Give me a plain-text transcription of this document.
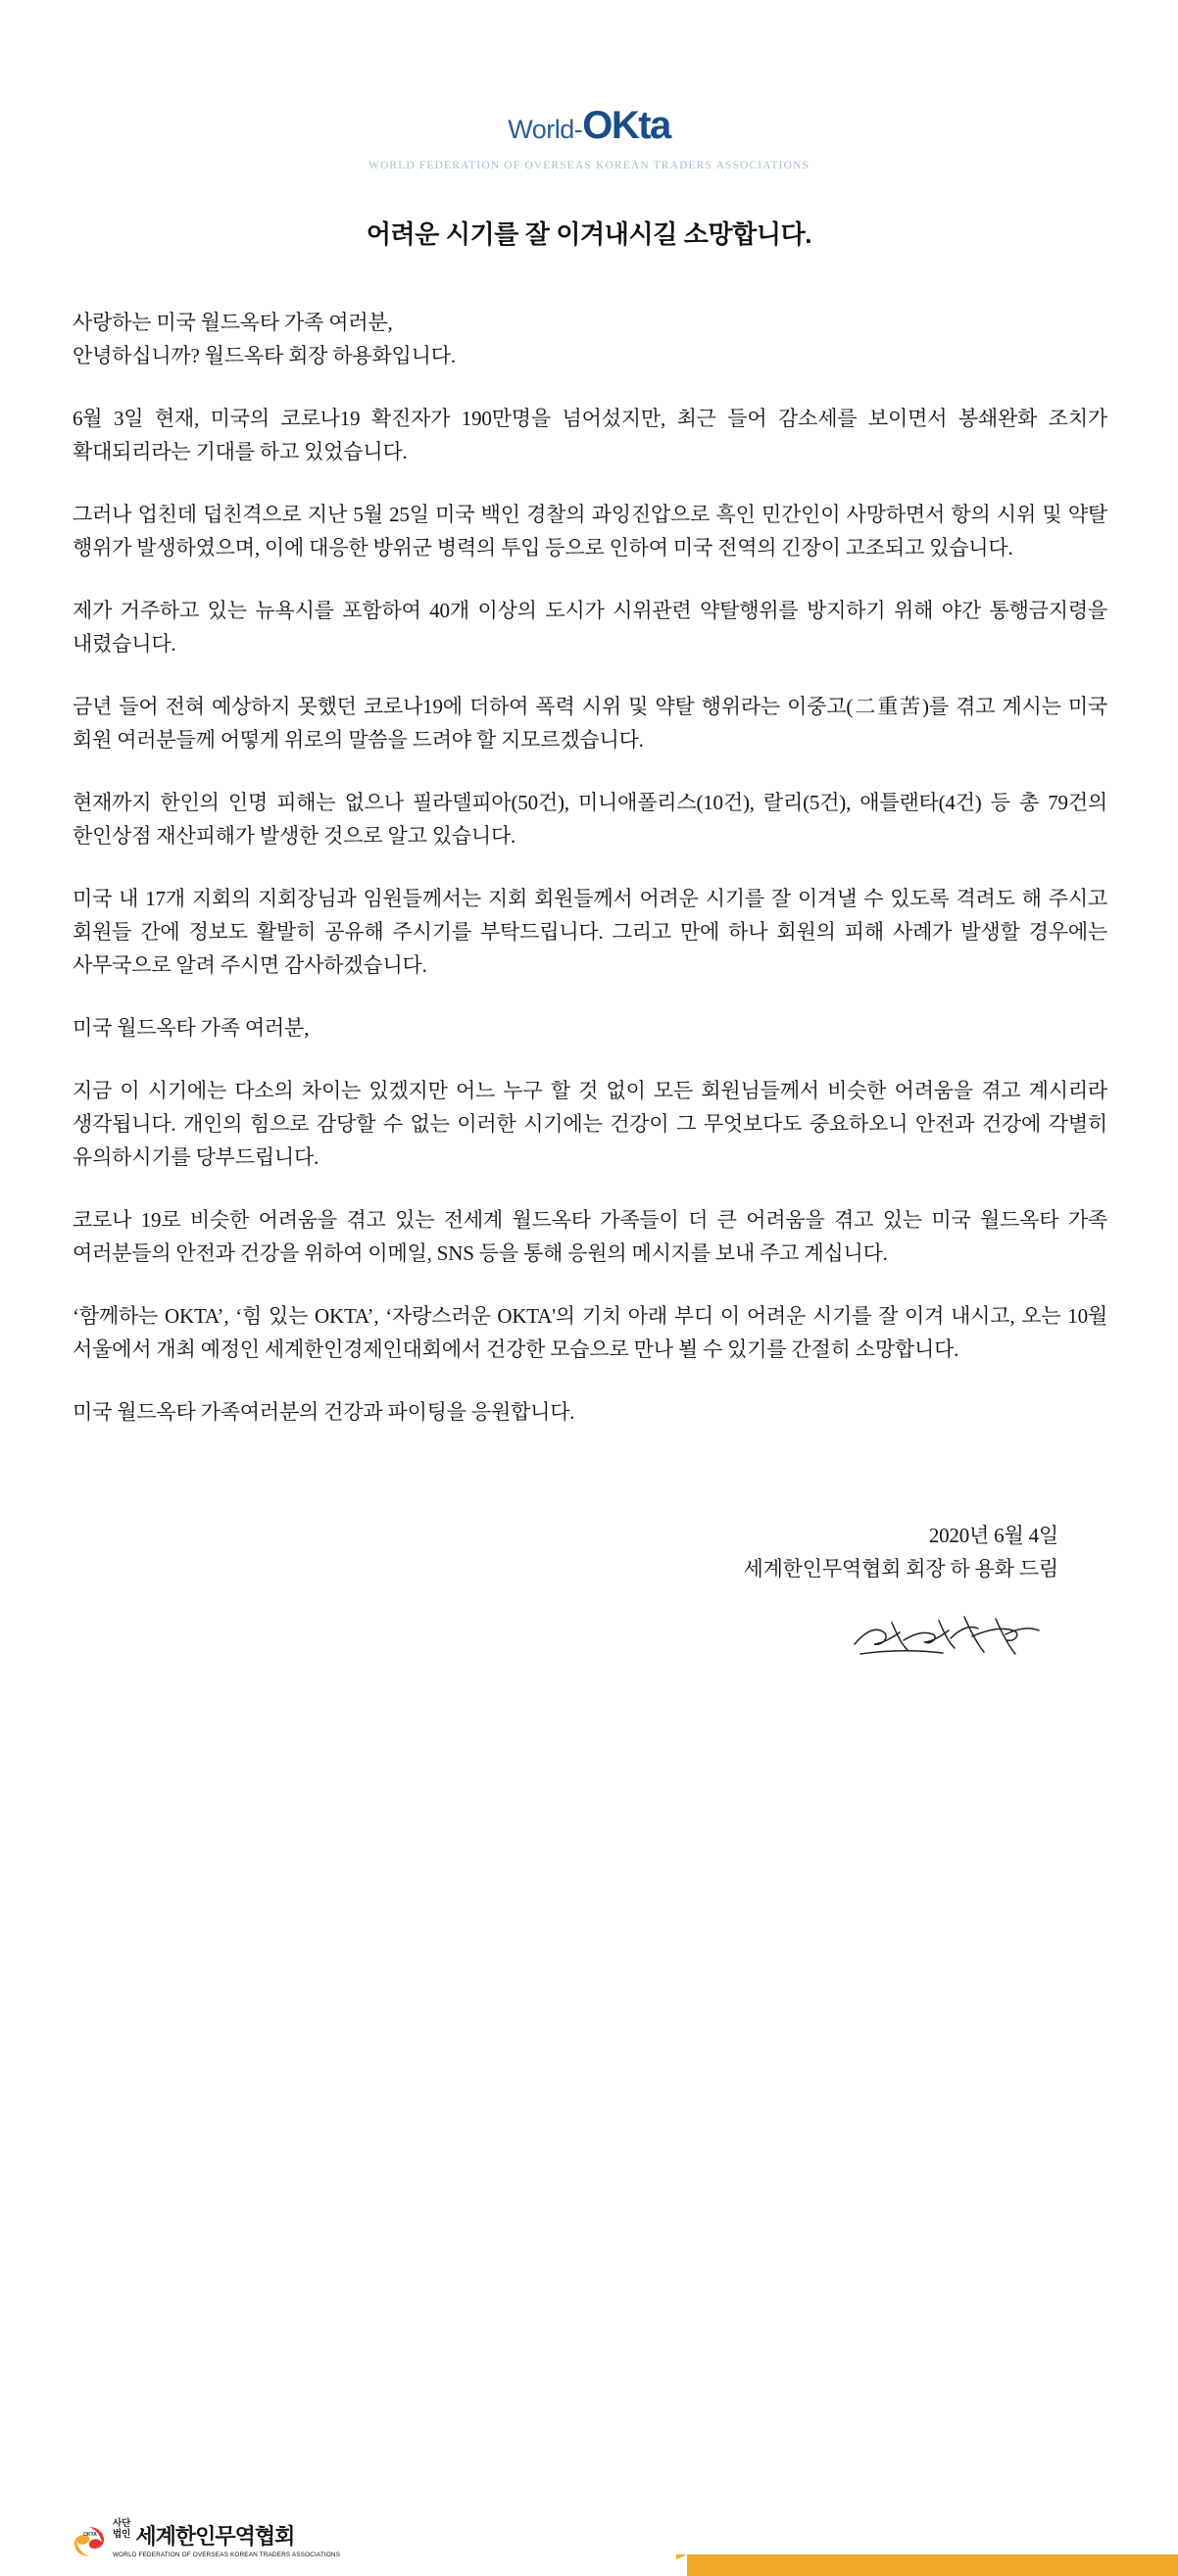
World-OKta
WORLD FEDERATION OF OVERSEAS KOREAN TRADERS ASSOCIATIONS
어려운 시기를 잘 이겨내시길 소망합니다.

사랑하는 미국 월드옥타 가족 여러분,
안녕하십니까? 월드옥타 회장 하용화입니다.

6월 3일 현재, 미국의 코로나19 확진자가 190만명을 넘어섰지만, 최근 들어 감소세를 보이면서 봉쇄완화 조치가 확대되리라는 기대를 하고 있었습니다.

그러나 업친데 덥친격으로 지난 5월 25일 미국 백인 경찰의 과잉진압으로 흑인 민간인이 사망하면서 항의 시위 및 약탈 행위가 발생하였으며, 이에 대응한 방위군 병력의 투입 등으로 인하여 미국 전역의 긴장이 고조되고 있습니다.

제가 거주하고 있는 뉴욕시를 포함하여 40개 이상의 도시가 시위관련 약탈행위를 방지하기 위해 야간 통행금지령을 내렸습니다.

금년 들어 전혀 예상하지 못했던 코로나19에 더하여 폭력 시위 및 약탈 행위라는 이중고(二重苦)를 겪고 계시는 미국 회원 여러분들께 어떻게 위로의 말씀을 드려야 할 지모르겠습니다.

현재까지 한인의 인명 피해는 없으나 필라델피아(50건), 미니애폴리스(10건), 랄리(5건), 애틀랜타(4건) 등 총 79건의 한인상점 재산피해가 발생한 것으로 알고 있습니다.

미국 내 17개 지회의 지회장님과 임원들께서는 지회 회원들께서 어려운 시기를 잘 이겨낼 수 있도록 격려도 해 주시고 회원들 간에 정보도 활발히 공유해 주시기를 부탁드립니다. 그리고 만에 하나 회원의 피해 사례가 발생할 경우에는 사무국으로 알려 주시면 감사하겠습니다.

미국 월드옥타 가족 여러분,

지금 이 시기에는 다소의 차이는 있겠지만 어느 누구 할 것 없이 모든 회원님들께서 비슷한 어려움을 겪고 계시리라 생각됩니다. 개인의 힘으로 감당할 수 없는 이러한 시기에는 건강이 그 무엇보다도 중요하오니 안전과 건강에 각별히 유의하시기를 당부드립니다.

코로나 19로 비슷한 어려움을 겪고 있는 전세계 월드옥타 가족들이 더 큰 어려움을 겪고 있는 미국 월드옥타 가족 여러분들의 안전과 건강을 위하여 이메일, SNS 등을 통해 응원의 메시지를 보내 주고 계십니다.

‘함께하는 OKTA’, ‘힘 있는 OKTA’, ‘자랑스러운 OKTA'의 기치 아래 부디 이 어려운 시기를 잘 이겨 내시고, 오는 10월 서울에서 개최 예정인 세계한인경제인대회에서 건강한 모습으로 만나 뵐 수 있기를 간절히 소망합니다.

미국 월드옥타 가족여러분의 건강과 파이팅을 응원합니다.

2020년 6월 4일
세계한인무역협회 회장 하 용화 드림
OKTA
사단
법인 세계한인무역협회
WORLD FEDERATION OF OVERSEAS KOREAN TRADERS ASSOCIATIONS
